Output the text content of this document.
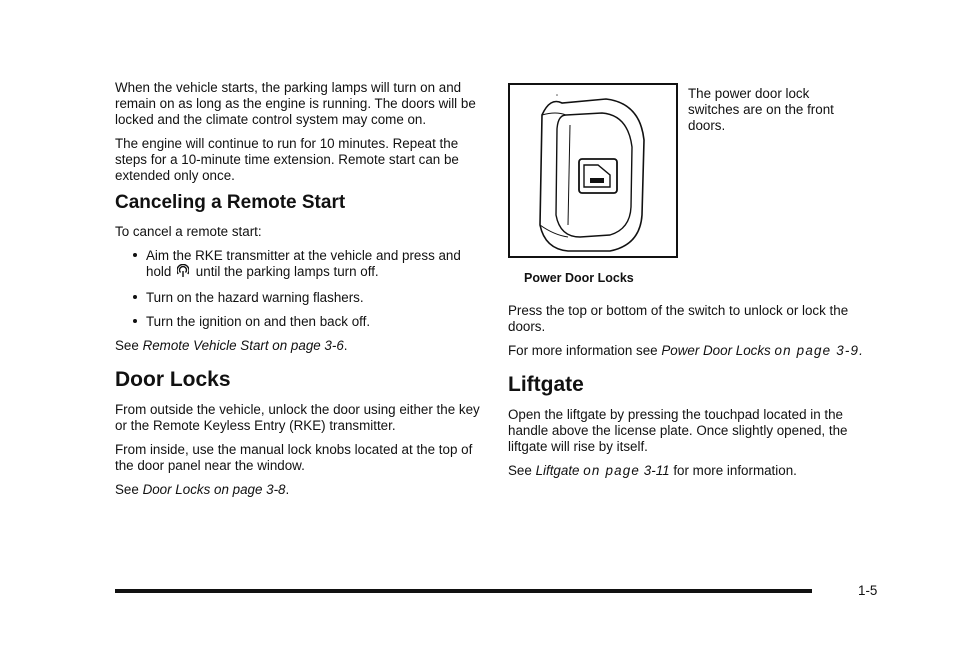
When the vehicle starts, the parking lamps will turn on and remain on as long as the engine is running. The doors will be locked and the climate control system may come on.

The engine will continue to run for 10 minutes. Repeat the steps for a 10-minute time extension. Remote start can be extended only once.

Canceling a Remote Start

To cancel a remote start:

Aim the RKE transmitter at the vehicle and press and hold until the parking lamps turn off.
Turn on the hazard warning flashers.
Turn the ignition on and then back off.

See Remote Vehicle Start on page 3-6.

Door Locks

From outside the vehicle, unlock the door using either the key or the Remote Keyless Entry (RKE) transmitter.

From inside, use the manual lock knobs located at the top of the door panel near the window.

See Door Locks on page 3-8.

Power Door Locks
The power door lock switches are on the front doors.

Press the top or bottom of the switch to unlock or lock the doors.

For more information see Power Door Locks on page 3-9.

Liftgate

Open the liftgate by pressing the touchpad located in the handle above the license plate. Once slightly opened, the liftgate will rise by itself.

See Liftgate on page 3-11 for more information.

1-5
